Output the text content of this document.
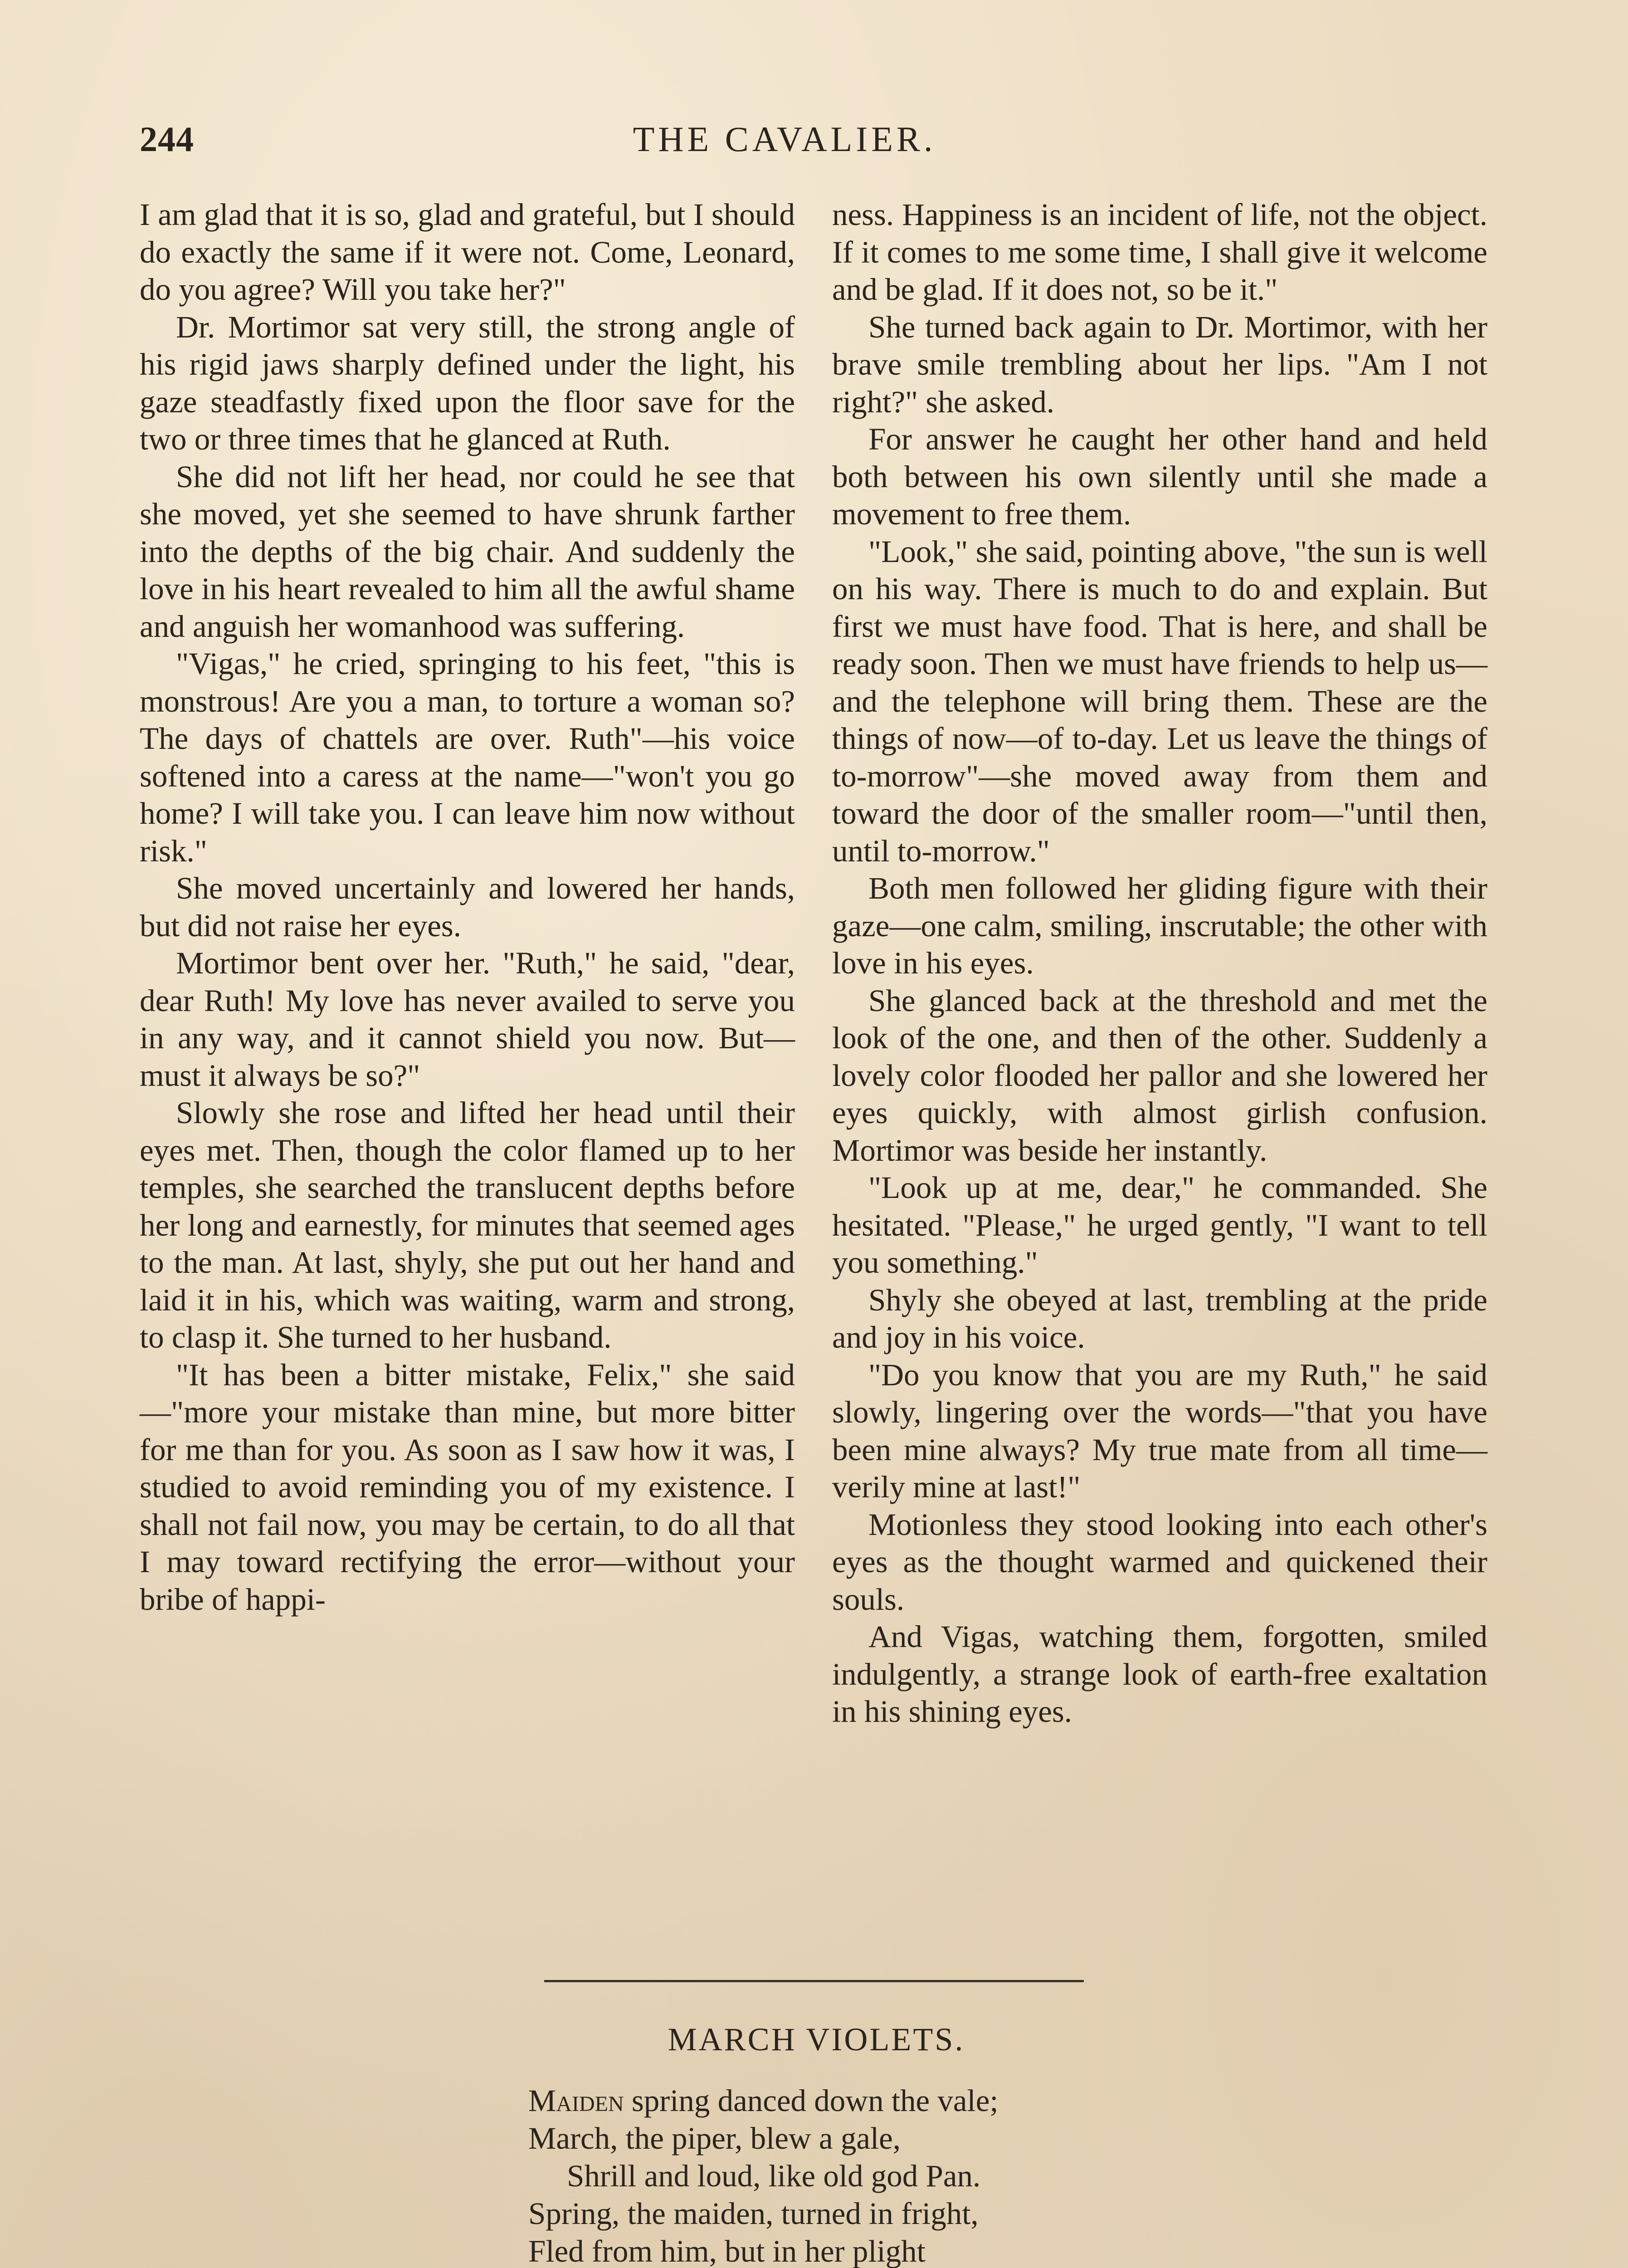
244	THE CAVALIER.

I am glad that it is so, glad and grateful, but I should do exactly the same if it were not. Come, Leonard, do you agree? Will you take her?"

Dr. Mortimor sat very still, the strong angle of his rigid jaws sharply defined under the light, his gaze steadfastly fixed upon the floor save for the two or three times that he glanced at Ruth.

She did not lift her head, nor could he see that she moved, yet she seemed to have shrunk farther into the depths of the big chair. And suddenly the love in his heart revealed to him all the awful shame and anguish her womanhood was suffering.

"Vigas," he cried, springing to his feet, "this is monstrous! Are you a man, to torture a woman so? The days of chattels are over. Ruth"—his voice softened into a caress at the name—"won't you go home? I will take you. I can leave him now without risk."

She moved uncertainly and lowered her hands, but did not raise her eyes.

Mortimor bent over her. "Ruth," he said, "dear, dear Ruth! My love has never availed to serve you in any way, and it cannot shield you now. But—must it always be so?"

Slowly she rose and lifted her head until their eyes met. Then, though the color flamed up to her temples, she searched the translucent depths before her long and earnestly, for minutes that seemed ages to the man. At last, shyly, she put out her hand and laid it in his, which was waiting, warm and strong, to clasp it. She turned to her husband.

"It has been a bitter mistake, Felix," she said—"more your mistake than mine, but more bitter for me than for you. As soon as I saw how it was, I studied to avoid reminding you of my existence. I shall not fail now, you may be certain, to do all that I may toward rectifying the error—without your bribe of happi-

ness. Happiness is an incident of life, not the object. If it comes to me some time, I shall give it welcome and be glad. If it does not, so be it."

She turned back again to Dr. Mortimor, with her brave smile trembling about her lips. "Am I not right?" she asked.

For answer he caught her other hand and held both between his own silently until she made a movement to free them.

"Look," she said, pointing above, "the sun is well on his way. There is much to do and explain. But first we must have food. That is here, and shall be ready soon. Then we must have friends to help us—and the telephone will bring them. These are the things of now—of to-day. Let us leave the things of to-morrow"—she moved away from them and toward the door of the smaller room—"until then, until to-morrow."

Both men followed her gliding figure with their gaze—one calm, smiling, inscrutable; the other with love in his eyes.

She glanced back at the threshold and met the look of the one, and then of the other. Suddenly a lovely color flooded her pallor and she lowered her eyes quickly, with almost girlish confusion. Mortimor was beside her instantly.

"Look up at me, dear," he commanded. She hesitated. "Please," he urged gently, "I want to tell you something."

Shyly she obeyed at last, trembling at the pride and joy in his voice.

"Do you know that you are my Ruth," he said slowly, lingering over the words—"that you have been mine always? My true mate from all time—verily mine at last!"

Motionless they stood looking into each other's eyes as the thought warmed and quickened their souls.

And Vigas, watching them, forgotten, smiled indulgently, a strange look of earth-free exaltation in his shining eyes.

MARCH VIOLETS.
Maiden spring danced down the vale;
March, the piper, blew a gale,
Shrill and loud, like old god Pan.
Spring, the maiden, turned in fright,
Fled from him, but in her plight
